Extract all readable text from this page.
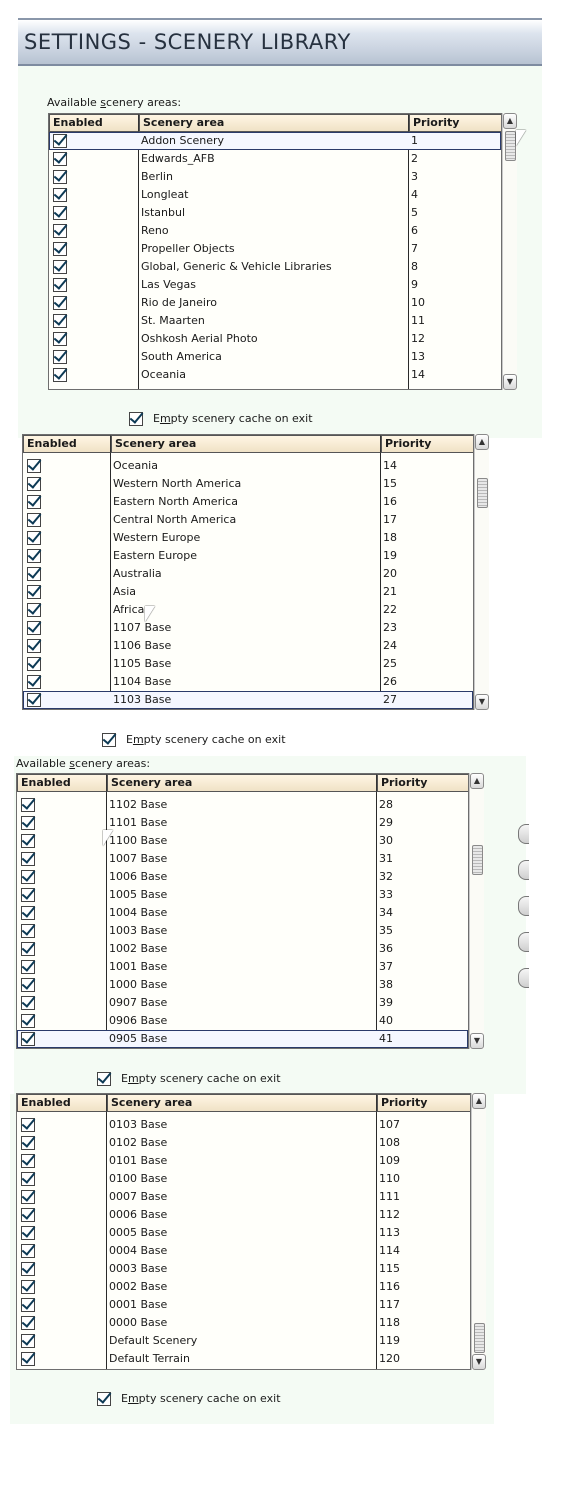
SETTINGS - SCENERY LIBRARY
Available scenery areas:
Available scenery areas:
Enabled	Scenery area	Priority
Addon Scenery	1
Edwards_AFB	2
Berlin	3
Longleat	4
Istanbul	5
Reno	6
Propeller Objects	7
Global, Generic & Vehicle Libraries	8
Las Vegas	9
Rio de Janeiro	10
St. Maarten	11
Oshkosh Aerial Photo	12
South America	13
Oceania	14
Enabled	Scenery area	Priority
Oceania	14
Western North America	15
Eastern North America	16
Central North America	17
Western Europe	18
Eastern Europe	19
Australia	20
Asia	21
Africa	22
1107 Base	23
1106 Base	24
1105 Base	25
1104 Base	26
1103 Base	27
Enabled	Scenery area	Priority
1102 Base	28
1101 Base	29
1100 Base	30
1007 Base	31
1006 Base	32
1005 Base	33
1004 Base	34
1003 Base	35
1002 Base	36
1001 Base	37
1000 Base	38
0907 Base	39
0906 Base	40
0905 Base	41
Enabled	Scenery area	Priority
0103 Base	107
0102 Base	108
0101 Base	109
0100 Base	110
0007 Base	111
0006 Base	112
0005 Base	113
0004 Base	114
0003 Base	115
0002 Base	116
0001 Base	117
0000 Base	118
Default Scenery	119
Default Terrain	120
▲
▼
▲
▼
▲
▼
▲
▼
Empty scenery cache on exit
Empty scenery cache on exit
Empty scenery cache on exit
Empty scenery cache on exit
